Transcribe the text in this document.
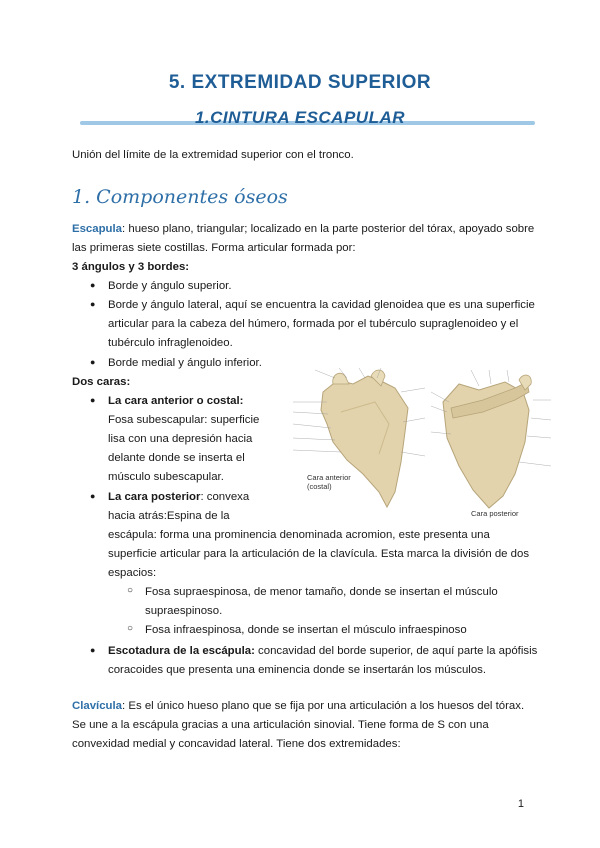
5. EXTREMIDAD SUPERIOR
1.CINTURA ESCAPULAR
Unión del límite de la extremidad superior con el tronco.
1. Componentes óseos
Escapula: hueso plano, triangular; localizado en la parte posterior del tórax, apoyado sobre
las primeras siete costillas. Forma articular formada por:
3 ángulos y 3 bordes:
● Borde y ángulo superior.
● Borde y ángulo lateral, aquí se encuentra la cavidad glenoidea que es una superficie
articular para la cabeza del húmero, formada por el tubérculo supraglenoideo y el
tubérculo infraglenoideo.
● Borde medial y ángulo inferior.
Dos caras:
● La cara anterior o costal:
Fosa subescapular: superficie
lisa con una depresión hacia
delante donde se inserta el
músculo subescapular.
● La cara posterior: convexa
hacia atrás:Espina de la
escápula: forma una prominencia denominada acromion, este presenta una
superficie articular para la articulación de la clavícula. Esta marca la división de dos
espacios:
○ Fosa supraespinosa, de menor tamaño, donde se insertan el músculo
supraespinoso.
○ Fosa infraespinosa, donde se insertan el músculo infraespinoso
● Escotadura de la escápula: concavidad del borde superior, de aquí parte la apófisis
coracoides que presenta una eminencia donde se insertarán los músculos.
Clavícula: Es el único hueso plano que se fija por una articulación a los huesos del tórax.
Se une a la escápula gracias a una articulación sinovial. Tiene forma de S con una
convexidad medial y concavidad lateral. Tiene dos extremidades:
Cara anterior
(costal)
Cara posterior
1
